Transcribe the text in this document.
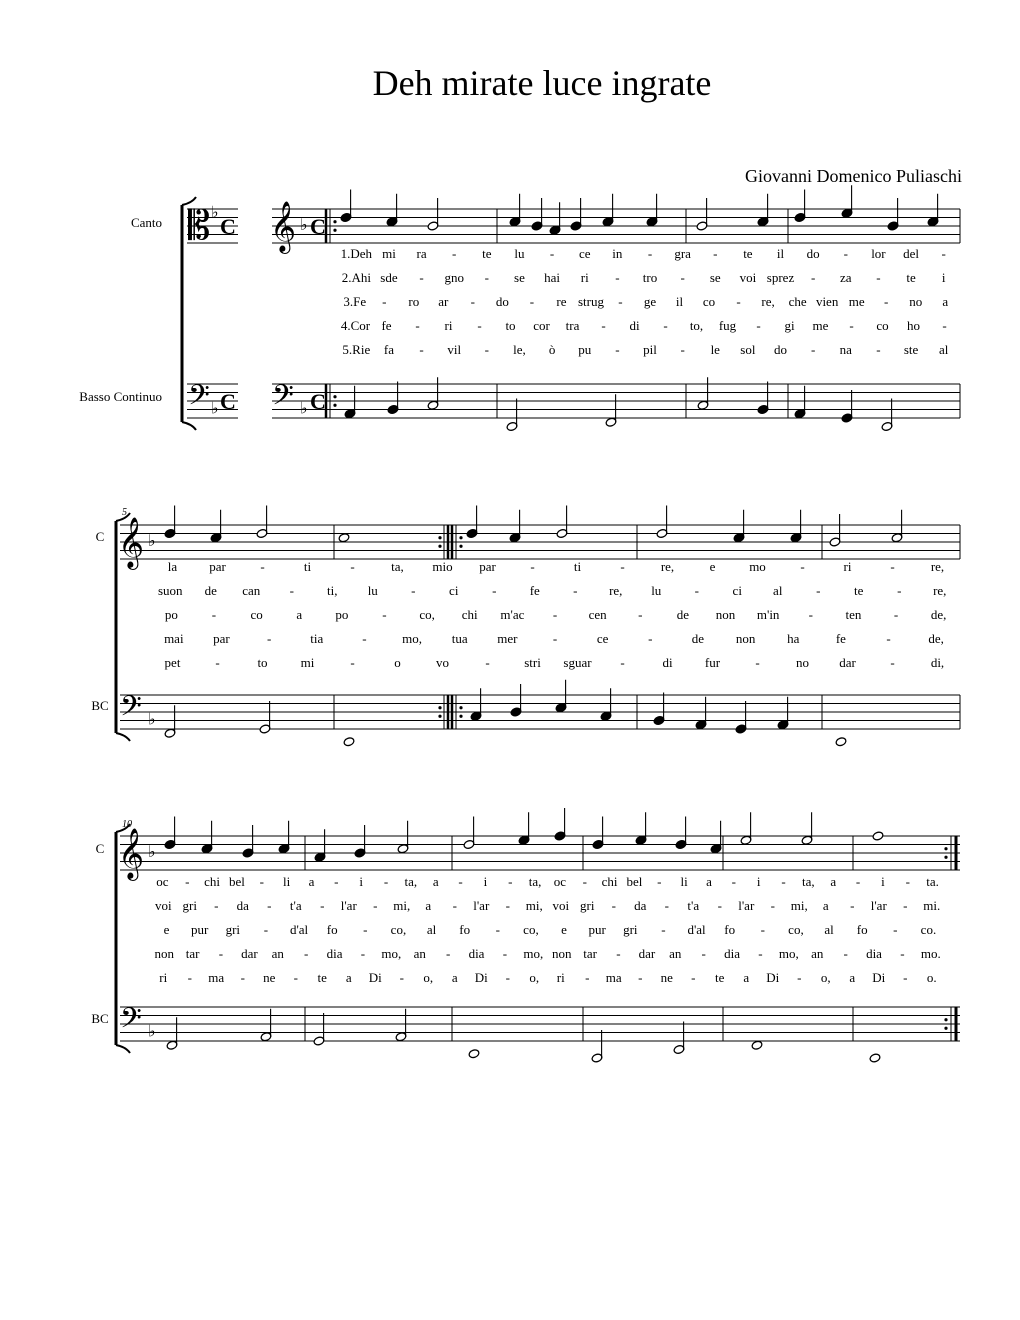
Deh mirate luce ingrate
Giovanni Domenico Puliaschi
Canto
Basso Continuo
5
C
BC
10
C
BC
𝄡 ♭
C
𝄢 ♭ C
𝄞 ♭ C
𝄢 ♭ C
1.Deh mi ra - te lu - ce in - gra - te il do - lor del -
2.Ahi sde - gno - se hai ri - tro - se voi sprez - za - te i
3.Fe - ro ar - do - re strug - ge il co - re, che vien me - no a
4.Cor fe - ri - to cor tra - di - to, fug - gi me - co ho -
5.Rie fa - vil - le, ò pu - pil - le sol do - na - ste al
𝄞 ♭
𝄢 ♭
la par	-	ti	-	ta, mio par	-	ti	-	re,	e	mo	-	ri	-	re,
suon de can -	ti, lu	-	ci	-	fe	- re, lu	-	ci al	-	te	- re,
po	-	co	a	po	-	co, chi m'ac - cen -	de non m'in -	ten	-	de,
mai par	-	tia	-	mo, tua mer	-	ce	-	de non ha	fe	-	de,
pet	-	to	mi	-	o	vo	-	stri sguar -	di fur	-	no dar	-	di,
𝄞 ♭
𝄢 ♭
oc - chi bel - li a - i - ta, a - i - ta, oc - chi bel - li a - i - ta, a - i - ta.
voi gri - da - t'a - l'ar - mi, a - l'ar - mi, voi gri - da - t'a - l'ar - mi, a - l'ar - mi.
e pur gri - d'al fo - co, al fo - co, e pur gri - d'al fo - co, al fo - co.
non tar - dar an - dia - mo, an - dia - mo, non tar - dar an - dia - mo, an - dia - mo.
ri - ma - ne - te a Di - o, a Di - o, ri - ma - ne - te a Di - o, a Di - o.
